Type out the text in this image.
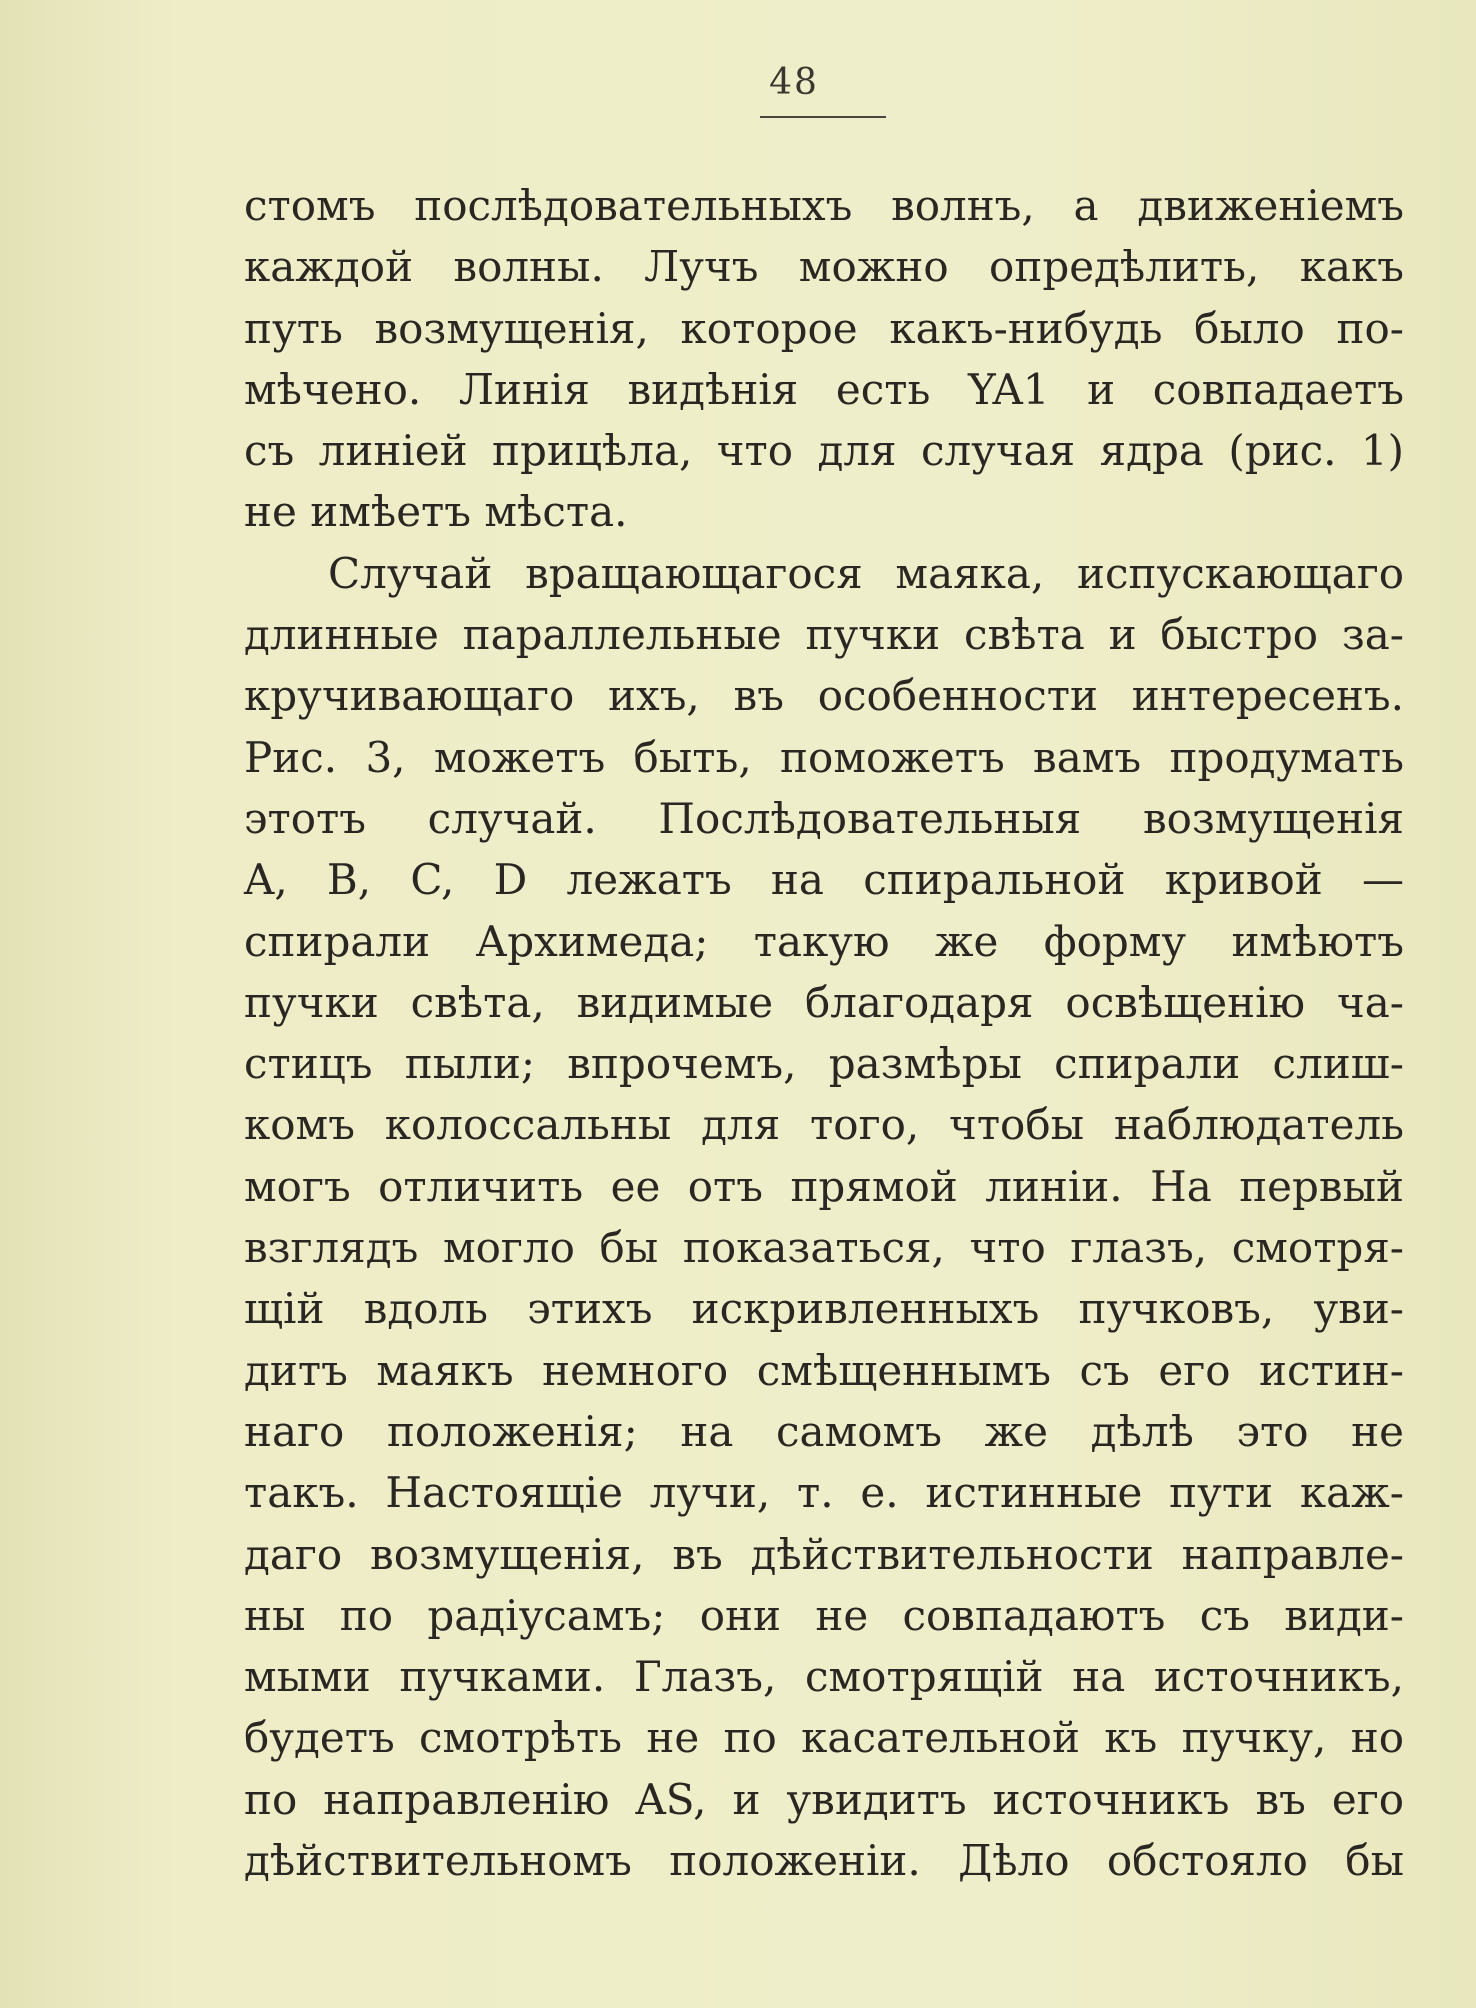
48
стомъ послѣдовательныхъ волнъ, а движеніемъ
каждой волны. Лучъ можно опредѣлить, какъ
путь возмущенія, которое какъ-нибудь было по-
мѣчено. Линія видѣнія есть YA1 и совпадаетъ
съ линіей прицѣла, что для случая ядра (рис. 1)
не имѣетъ мѣста.
Случай вращающагося маяка, испускающаго
длинные параллельные пучки свѣта и быстро за-
кручивающаго ихъ, въ особенности интересенъ.
Рис. 3, можетъ быть, поможетъ вамъ продумать
этотъ случай. Послѣдовательныя возмущенія
A, B, C, D лежатъ на спиральной кривой —
спирали Архимеда; такую же форму имѣютъ
пучки свѣта, видимые благодаря освѣщенію ча-
стицъ пыли; впрочемъ, размѣры спирали слиш-
комъ колоссальны для того, чтобы наблюдатель
могъ отличить ее отъ прямой линіи. На первый
взглядъ могло бы показаться, что глазъ, смотря-
щій вдоль этихъ искривленныхъ пучковъ, уви-
дитъ маякъ немного смѣщеннымъ съ его истин-
наго положенія; на самомъ же дѣлѣ это не
такъ. Настоящіе лучи, т. е. истинные пути каж-
даго возмущенія, въ дѣйствительности направле-
ны по радіусамъ; они не совпадаютъ съ види-
мыми пучками. Глазъ, смотрящій на источникъ,
будетъ смотрѣть не по касательной къ пучку, но
по направленію AS, и увидитъ источникъ въ его
дѣйствительномъ положеніи. Дѣло обстояло бы
